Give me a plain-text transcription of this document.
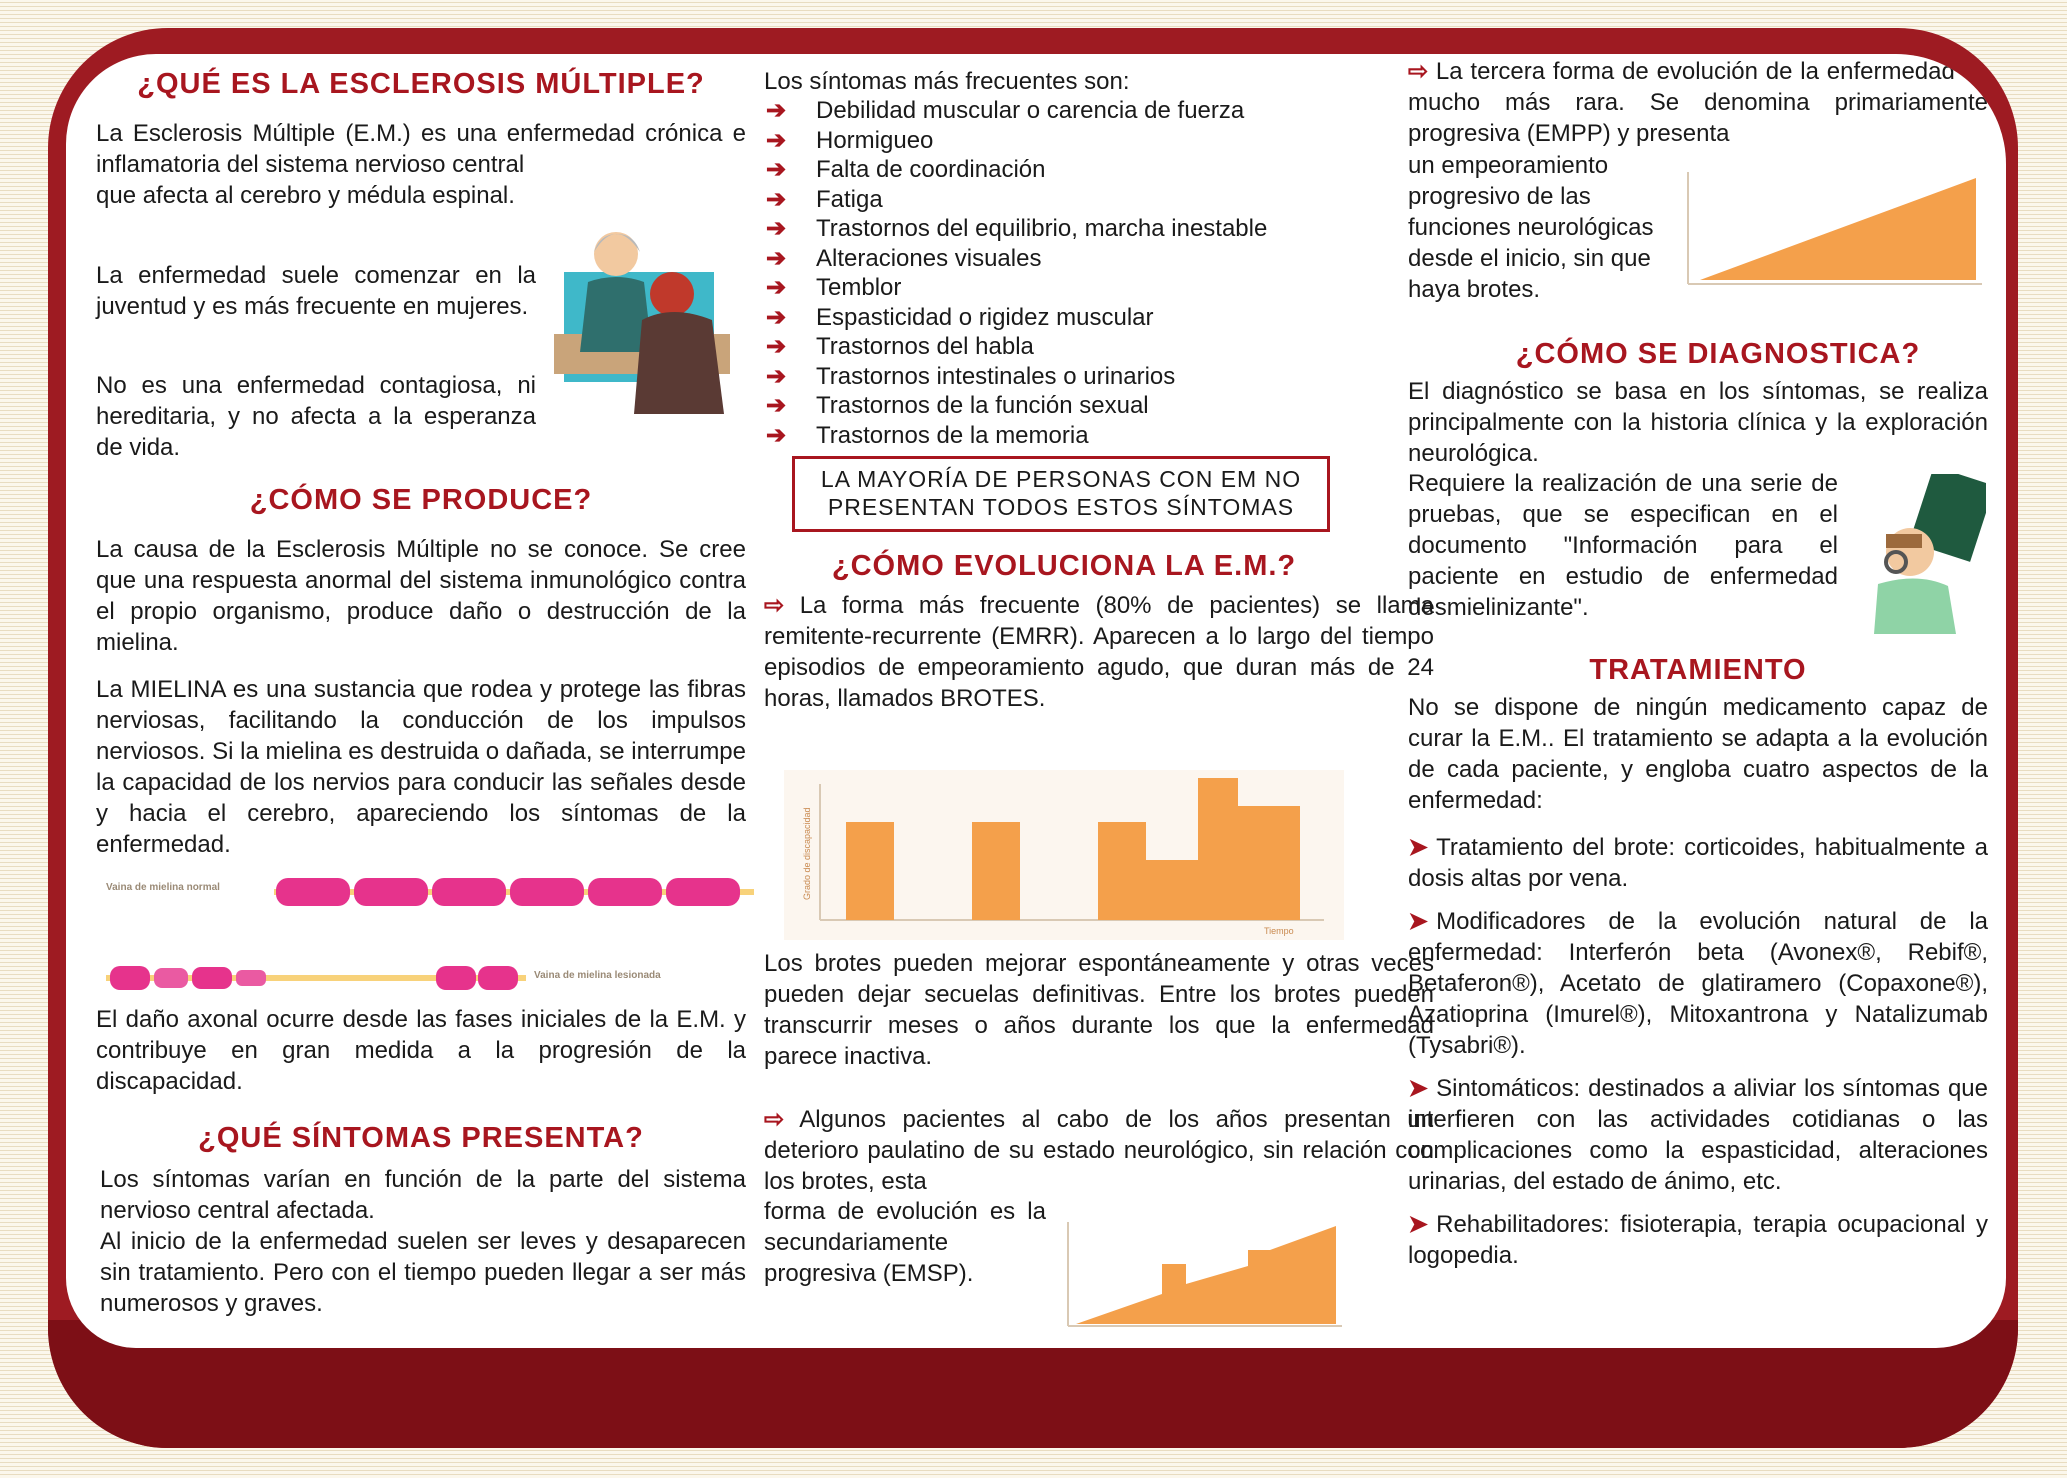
¿QUÉ ES LA ESCLEROSIS MÚLTIPLE?

La Esclerosis Múltiple (E.M.) es una enfermedad crónica e inflamatoria del sistema nervioso central

que afecta al cerebro y médula espinal.

La enfermedad suele comenzar en la juventud y es más frecuente en mujeres.

No es una enfermedad contagiosa, ni hereditaria, y no afecta a la esperanza de vida.

¿CÓMO SE PRODUCE?

La causa de la Esclerosis Múltiple no se conoce. Se cree que una respuesta anormal del sistema inmunológico contra el propio organismo, produce daño o destrucción de la mielina.

La MIELINA es una sustancia que rodea y protege las fibras nerviosas, facilitando la conducción de los impulsos nerviosos. Si la mielina es destruida o dañada, se interrumpe la capacidad de los nervios para conducir las señales desde y hacia el cerebro, apareciendo los síntomas de la enfermedad.

Vaina de mielina normal
Vaina de mielina lesionada

El daño axonal ocurre desde las fases iniciales de la E.M. y contribuye en gran medida a la progresión de la discapacidad.

¿QUÉ SÍNTOMAS PRESENTA?

Los síntomas varían en función de la parte del sistema nervioso central afectada.

Al inicio de la enfermedad suelen ser leves y desaparecen sin tratamiento. Pero con el tiempo pueden llegar a ser más numerosos y graves.

Los síntomas más frecuentes son:

➔ Debilidad muscular o carencia de fuerza
➔ Hormigueo
➔ Falta de coordinación
➔ Fatiga
➔ Trastornos del equilibrio, marcha inestable
➔ Alteraciones visuales
➔ Temblor
➔ Espasticidad o rigidez muscular
➔ Trastornos del habla
➔ Trastornos intestinales o urinarios
➔ Trastornos de la función sexual
➔ Trastornos de la memoria
LA MAYORÍA DE PERSONAS CON EM NO
PRESENTAN TODOS ESTOS SÍNTOMAS
¿CÓMO EVOLUCIONA LA E.M.?

⇨ La forma más frecuente (80% de pacientes) se llama remitente-recurrente (EMRR). Aparecen a lo largo del tiempo episodios de empeoramiento agudo, que duran más de 24 horas, llamados BROTES.

Grado de discapacidad
Tiempo

Los brotes pueden mejorar espontáneamente y otras veces pueden dejar secuelas definitivas. Entre los brotes pueden transcurrir meses o años durante los que la enfermedad parece inactiva.

⇨ Algunos pacientes al cabo de los años presentan un deterioro paulatino de su estado neurológico, sin relación con los brotes, esta

forma de evolución es la secundariamente progresiva (EMSP).

⇨ La tercera forma de evolución de la enfermedad es mucho más rara. Se denomina primariamente progresiva (EMPP) y presenta

un empeoramiento progresivo de las funciones neurológicas desde el inicio, sin que haya brotes.

¿CÓMO SE DIAGNOSTICA?

El diagnóstico se basa en los síntomas, se realiza principalmente con la historia clínica y la exploración neurológica.

Requiere la realización de una serie de pruebas, que se especifican en el documento "Información para el paciente en estudio de enfermedad desmielinizante".

TRATAMIENTO

No se dispone de ningún medicamento capaz de curar la E.M.. El tratamiento se adapta a la evolución de cada paciente, y engloba cuatro aspectos de la enfermedad:

➤ Tratamiento del brote: corticoides, habitualmente a dosis altas por vena.

➤ Modificadores de la evolución natural de la enfermedad: Interferón beta (Avonex®, Rebif®, Betaferon®), Acetato de glatiramero (Copaxone®), Azatioprina (Imurel®), Mitoxantrona y Natalizumab (Tysabri®).

➤ Sintomáticos: destinados a aliviar los síntomas que interfieren con las actividades cotidianas o las complicaciones como la espasticidad, alteraciones urinarias, del estado de ánimo, etc.

➤ Rehabilitadores: fisioterapia, terapia ocupacional y logopedia.
